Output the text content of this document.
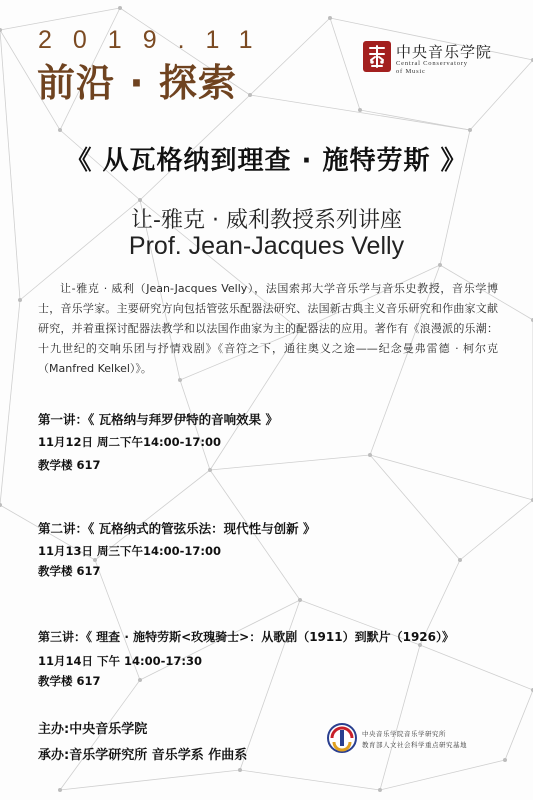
2019.11
前沿 · 探索
中央音乐学院
Central Conservatory
of Music
《 从瓦格纳到理查 · 施特劳斯 》
让-雅克 · 威利教授系列讲座
Prof. Jean-Jacques Velly
让-雅克 · 威利（Jean-Jacques Velly），法国索邦大学音乐学与音乐史教授，音乐学博士，音乐学家。主要研究方向包括管弦乐配器法研究、法国新古典主义音乐研究和作曲家文献研究，并着重探讨配器法教学和以法国作曲家为主的配器法的应用。著作有《浪漫派的乐潮：十九世纪的交响乐团与抒情戏剧》《音符之下，通往奥义之途——纪念曼弗雷德 · 柯尔克（Manfred Kelkel）》。
第一讲：《 瓦格纳与拜罗伊特的音响效果 》
11月12日 周二下午14:00-17:00
教学楼 617
第二讲：《 瓦格纳式的管弦乐法：现代性与创新 》
11月13日 周三下午14:00-17:00
教学楼 617
第三讲：《 理查 · 施特劳斯<玫瑰骑士>：从歌剧（1911）到默片（1926）》
11月14日 下午 14:00-17:30
教学楼 617
主办:中央音乐学院
承办:音乐学研究所 音乐学系 作曲系
中央音乐学院音乐学研究所
教育部人文社会科学重点研究基地
